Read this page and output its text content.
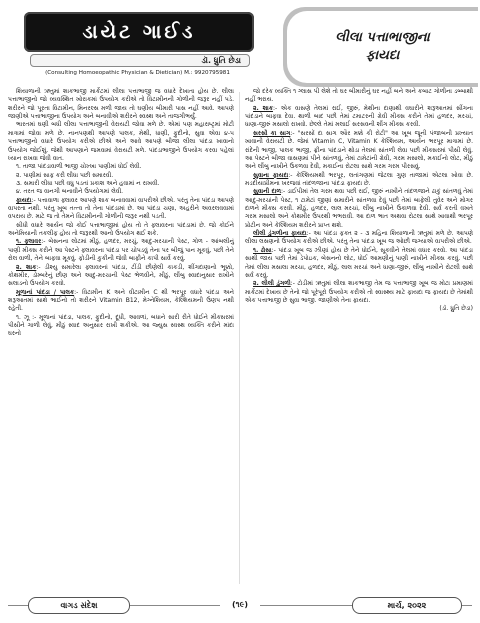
ડાયેટ ગાઈડ
ડૉ. ધ્રુતિ છેડા
(Consulting Homoeopathic Physician & Dietician) M.: 9920795981
લીલા પત્તાભાજીના
ફાયદા

શિયાળાની ઋતુમાં શાકભાજી માર્કેટમાં લીલા પત્તાભાજી જ વધારે દેખાતા હોય છે. લીલા પત્તાભાજીનો જો વ્યવસ્થિત ખોરાકમાં ઉપયોગ કરીએ તો વિટામીનની ગોળીની જરૂર નહીં પડે. શરીરને જો પૂરતા વિટામીન, મિનરલ્સ મળી જાય તો ઘણીય બીમારી પાસ નહીં આવે. આપણે જાણીએ પત્તાભાજીના ઉપયોગ અને બનાવીએ શરીરને સ્વસ્થ અને તાજગીભર્યું.

ભારતમાં ઘણી બધી લીલા પત્તાભાજીની વેરાયટી જોવા મળે છે. એમાં પણ મહારાષ્ટ્રમાં મોટી માત્રામાં જોવા મળે છે. નાનપણથી આપણે પાલક, મેથી, ધાણી, ફુદીનો, સુવા એવા ૪-૫ પત્તાભાજીનો વધારે ઉપયોગ કરીએ છીએ અને આવે આપણે બીજા લીલા પાંદડા ખાવાનો ઉપયોગ જોઈશું. જેથી આપણાને જમવામાં વેરાયટી મળે. પાંદડાભાજીને ઉપયોગ કરવા પહેલાં ધ્યાન રાખવા જેવી વાત.

૧. તાજા પાંદડાવાળી ભાજી ચોખ્ખા પાણીમાં ધોઈ લેવી.

૨. પાણીમાં સાફ કરી લીધા પછી સમારવી.

૩. સમારી લીધા પછી વધુ પડતાં પ્રકાશ અને હવામાં ન રાખવી.

૪. તરત જ વાનગી બનાવીને ઉપયોગમાં લેવી.

ફાયદા:- પત્તાવાળા ફ્લાવર આપણે શાક બનાવવામાં વાપરીએ છીએ. પરંતુ તેના પાંદડા આપણે વાપરતા નથી. પરંતુ ખૂબ તત્ત્વ તો તેના પાંદડામાં છે. આ પાંદડા ચણા, અહરીને અવરલવવામાં વપરાય છે. માટે જ તો તેમને વિટામીનની ગોળીની જરૂર નથી પડતી.

સીધી વધારે આર્યન જો કોઈ પત્તાભાજીમાં હોય તો તે ફ્લાવરના પાંદડામાં છે. જો કોઈને અનેમિયાની તકલીફ હોય તો જરૂરથી આનો ઉપયોગ થઈ શકે.

૧. ફ્લાવર:- બેસનના લોટમાં મીઠું, હળદર, મરચું, આદુ-મરચાની પેસ્ટ, ગોળ - આંબલીનું પાણી મીક્સ કરીને આ પેસ્ટને ફ્લાવરના પાંદડા પર ચોપડવું તેના પર બીજું પાન મૂકવું, પછી તેને રોલ વાળી, તેને બાફવા મૂકવું. ફોડીની કુકીની જેવી બાફીને કાપી સાર્વે કરવું.

૨. શાક:- ડીશ્યુ સમારેલા ફ્લાવરનાં પાંદડા, ટીંડી છીણેલી કાકડી, શીંગદાણાનો ભૂક્કો, કોથમીર, ડોમ્બરેનું છીણ અને આદુ-મરચાની પેસ્ટ ભેળવીને, મીઠું, લીંબુ સ્વાદાનુસાર રાખીને સલાડનો ઉપયોગ કરવો.

મૂળાનાં પાંદડા / પાલક:- વિટામીન K અને વીટામીન C થી ભરપૂર વધારે પાંદડા અને શરૂઆતમાં સાથે ભાઈનો તો શરીરને Vitamin B12, મેગ્નેશિયમ, કેલ્શિયમની ઉણપ નથી રહેતી.

૧. ઝૂ :- મૂળાનાં પાંદડા, પાલક, ફુદીનો, દૂધી, આવળાં, બધાને સારી રીતે ધોઈને મીક્સરમાં પીસીને ગાળી લેવું, મીઠું સ્વાદ અનુસાર રાખી શકીએ. આ જ્યુસ સ્વસ્થ વ્યક્તિ કરીને માંદા ઘરનો

જો દરેક વ્યક્તિ ૧ ગ્લાસ પી લેશે તો ઘર બીમારીનું ઘર નહીં બને અને કબાટ ગોળીના ડબ્બાથી નહીં ભરાય.

૨. શાક:- એક વાસણે તેલમાં રાઈ, જીરું, મેથીના દાણાથી વઘારીને શરૂઆતમાં સીંગના પાંદડાને બાફવા દેવા. થાળી બાદ પછી તેમાં ટમાટરની ગ્રેવી મીક્સ કરીને તેમાં હળદર, મરચાં, ધાણા-જીરું મસાલો રાખવો. છેલ્લે તેમાં મલાઈ સરસવની શીંગ મીક્સ કરવી.

સરસોં કા સાગ:- "સરસોં દા સાગ ઔર મક્કે કી રોટી" આ ખૂબ જૂની પંજાબની પ્રખ્યાત ખાવાની વેરાયટી છે. જેમાં Vitamin C, Vitamin K કેલ્શિયમ, આર્યન ભરપૂર માત્રામાં છે. રાંદેની ભાજી, પાલક ભાજી, ફ્રીના પાંદડાને થોડા તેલમાં સાંતળી લેવા પછી મીક્સરમાં પીસી લેવું. આ પેસ્ટને બીજા વાસણમાં પીને સાંતળવું, તેમાં ટામેટાંની ગ્રેવી, ગરમ મસાલો, મકાઈનો લોટ, મીઠું અને લીંબુ નાખીને ઉકળવા દેવી, મકાઈના રોટલા સાથે ગરમ ગરમ પીરસવું.

સુવાના ફાયદા:- કેલ્શિયમથી ભરપૂર, લતાંગણમાં જેટલા ગુણ તાજામાં એટલા ખોવા છે. મડદીયાપ્રીમના ખરજવાં તાંદળજાના પાંદડા ફાયદા છે.

સુવાની દાળ:- ડાઈપીમાં તેલ ગરમ થવા પછી રાઈ, જીરું નાખીને તાંદળજાને ઢાકું સાંતળવું તેમાં આદુ-મરચાંની પેસ્ટ, ૧ ટામેટાં જીણાં સમારીને સાંતળવા દેવું પછી તેમાં બાફેલી તુવેર અને મોગર દાળને મીક્સ કરવી. મીઠું, હળદર, લાલ મરચાં, લીંબુ નાખીને ઉકાળવા દેવી. સર્વ કરતી વખતે ગરમ મસાલો અને કોથમીર ઉપરથી ભભરાવી. આ દાળ ભાત અથવા રોટલા સાથે ખાવાથી ભરપૂર પ્રોટીન અને કેલ્શિયમ શરીરને પ્રાપ્ત થશે.

લીલી ડુંગળીના ફાયદા:- આ પાંદડા ફક્ત ૨ - ૩ મહિના શિયાળાની ઋતુમાં મળે છે. આપણે લીલા લસણનો ઉપયોગ કરીએ છીએ. પરંતુ તેના પાંદડા ખૂબ જ ઓછી જગ્યાએ વાપરીએ છીએ.

૧. ઢોસા:- પાંદડા ખૂબ જ ઝીણાં હોય છે તેને ધોઈને, સૂકવીને તેલમાં વધાર કરવો. આ પાંદડા સાથી જાય પછી તેમાં ડેપોઇક, બેસનનો લોટ, ધોઈ આમણીનું પાણી નાખીને મીક્સ કરવું. પછી તેમાં લીલા મસાલા મરચા, હળદર, મીઠું, લાલ મરચાં અને ધાણા-જીરું, લીંબુ નાખીને રોટલી સાથે સર્વ કરવું.

૨. લીલી ડુંગળી:- ટોડીમાં ઋતુમાં લીલા શાકભાજી તેમ જ પત્તાભાજી ખૂબ જ મોટા પ્રમાણમાં માર્કેટમાં દેખાય છે તેનો જો પૂરેપૂરો ઉપયોગ કરીએ તો સ્વાસ્થ્ય માટે ફાયદા જ ફાયદા છે તેમાંથી એક પત્તાભાજી છે સુવા ભાજી. જાણીએ તેના ફાયદા.

(ડૉ. ધ્રુતિ છેડા)

વાગડ સંદેશ	(૧૯)	માર્ચ, ૨૦૨૨
